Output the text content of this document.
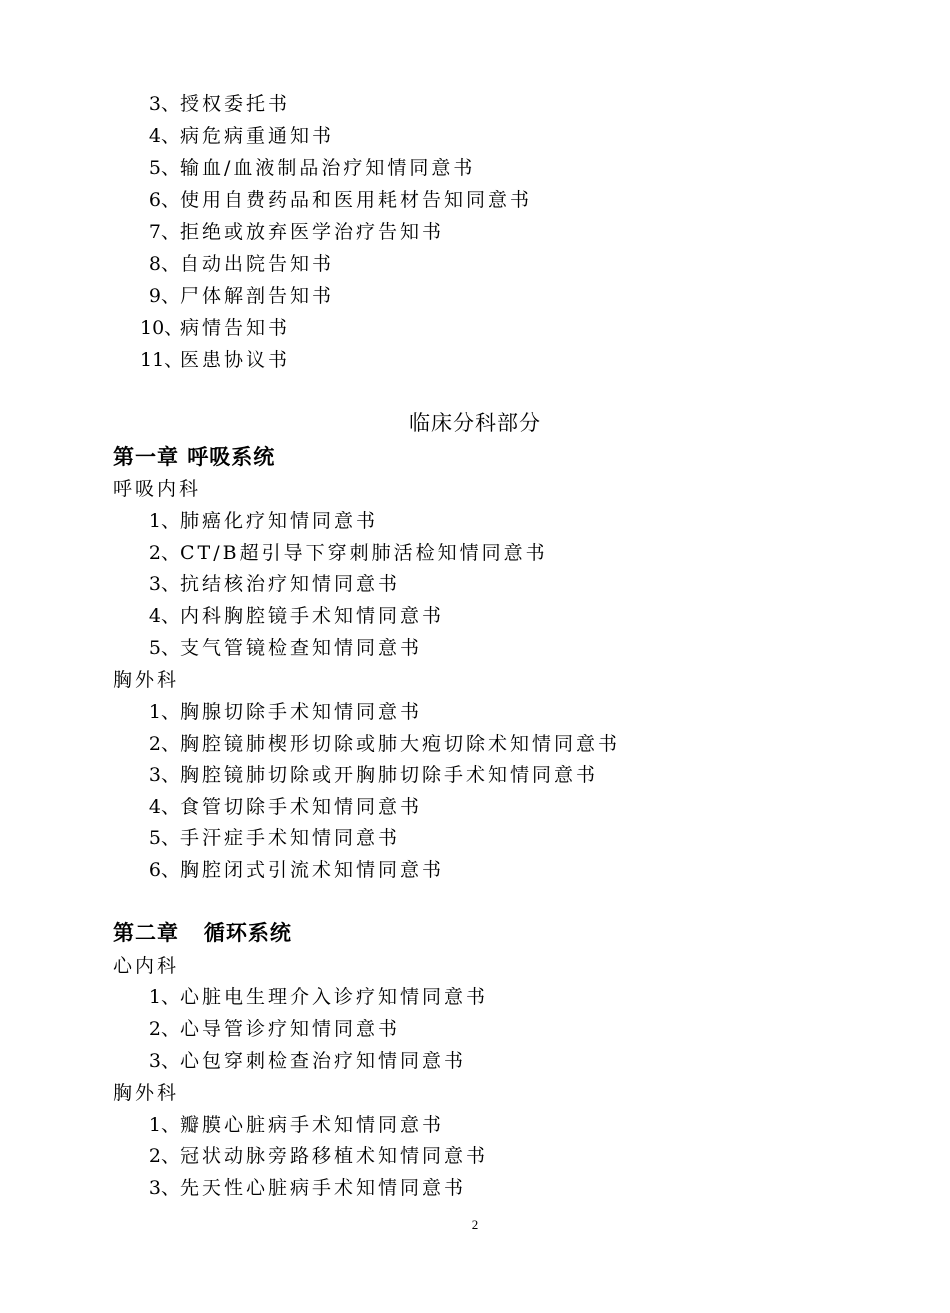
3、授权委托书
4、病危病重通知书
5、输血/血液制品治疗知情同意书
6、使用自费药品和医用耗材告知同意书
7、拒绝或放弃医学治疗告知书
8、自动出院告知书
9、尸体解剖告知书
10、病情告知书
11、医患协议书
临床分科部分
第一章 呼吸系统
呼吸内科
1、肺癌化疗知情同意书
2、CT/B超引导下穿刺肺活检知情同意书
3、抗结核治疗知情同意书
4、内科胸腔镜手术知情同意书
5、支气管镜检查知情同意书
胸外科
1、胸腺切除手术知情同意书
2、胸腔镜肺楔形切除或肺大疱切除术知情同意书
3、胸腔镜肺切除或开胸肺切除手术知情同意书
4、食管切除手术知情同意书
5、手汗症手术知情同意书
6、胸腔闭式引流术知情同意书
第二章   循环系统
心内科
1、心脏电生理介入诊疗知情同意书
2、心导管诊疗知情同意书
3、心包穿刺检查治疗知情同意书
胸外科
1、瓣膜心脏病手术知情同意书
2、冠状动脉旁路移植术知情同意书
3、先天性心脏病手术知情同意书
2
